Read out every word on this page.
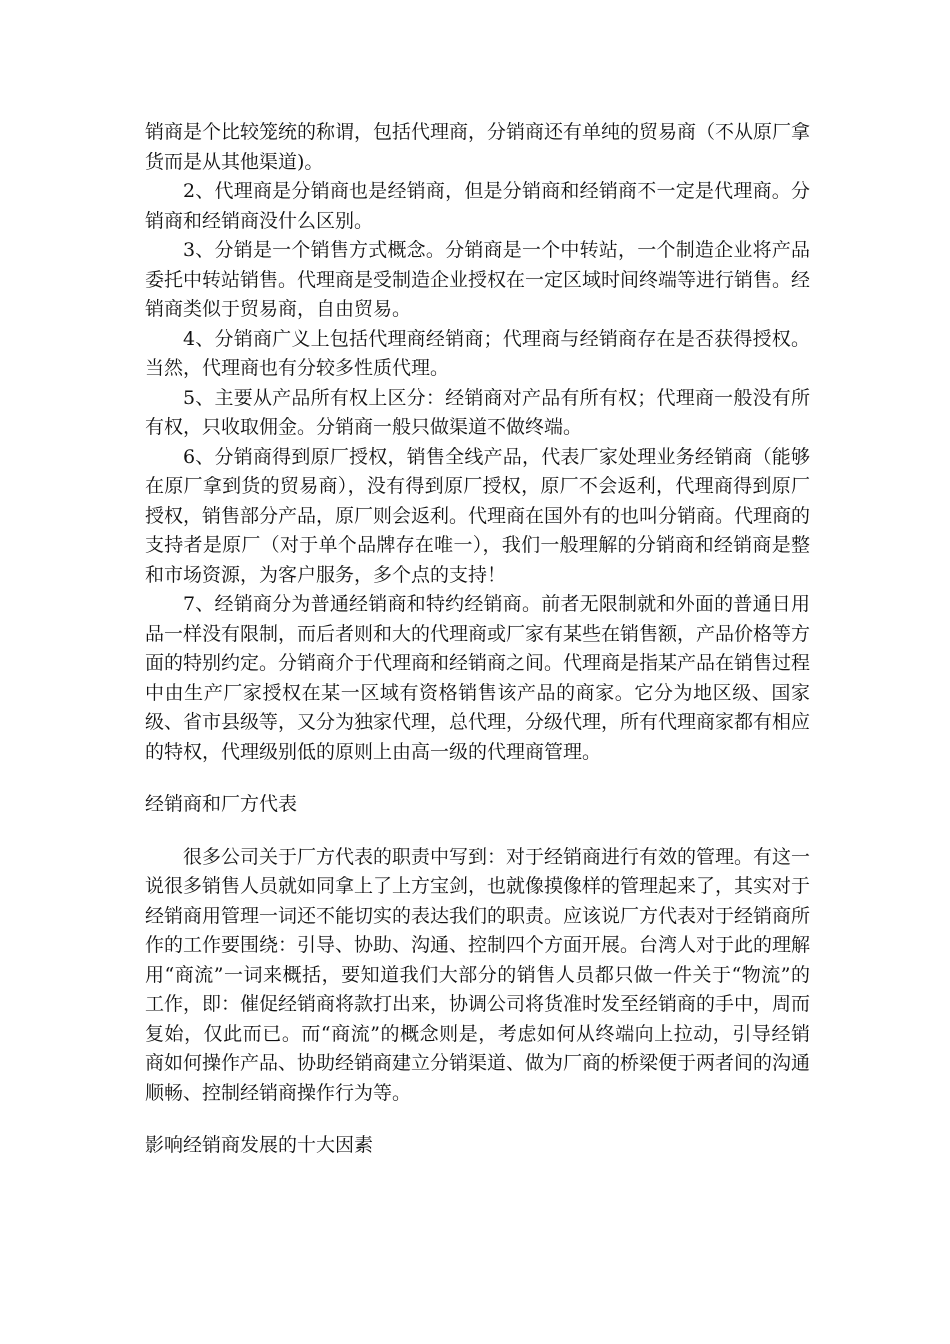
销商是个比较笼统的称谓，包括代理商，分销商还有单纯的贸易商（不从原厂拿货而是从其他渠道)。

2、代理商是分销商也是经销商，但是分销商和经销商不一定是代理商。分销商和经销商没什么区别。

3、分销是一个销售方式概念。分销商是一个中转站，一个制造企业将产品委托中转站销售。代理商是受制造企业授权在一定区域时间终端等进行销售。经销商类似于贸易商，自由贸易。

4、分销商广义上包括代理商经销商；代理商与经销商存在是否获得授权。当然，代理商也有分较多性质代理。

5、主要从产品所有权上区分：经销商对产品有所有权；代理商一般没有所有权，只收取佣金。分销商一般只做渠道不做终端。

6、分销商得到原厂授权，销售全线产品，代表厂家处理业务经销商（能够在原厂拿到货的贸易商），没有得到原厂授权，原厂不会返利，代理商得到原厂授权，销售部分产品，原厂则会返利。代理商在国外有的也叫分销商。代理商的支持者是原厂（对于单个品牌存在唯一），我们一般理解的分销商和经销商是整和市场资源，为客户服务，多个点的支持！

7、经销商分为普通经销商和特约经销商。前者无限制就和外面的普通日用品一样没有限制，而后者则和大的代理商或厂家有某些在销售额，产品价格等方面的特别约定。分销商介于代理商和经销商之间。代理商是指某产品在销售过程中由生产厂家授权在某一区域有资格销售该产品的商家。它分为地区级、国家级、省市县级等，又分为独家代理，总代理，分级代理，所有代理商家都有相应的特权，代理级别低的原则上由高一级的代理商管理。

经销商和厂方代表

很多公司关于厂方代表的职责中写到：对于经销商进行有效的管理。有这一说很多销售人员就如同拿上了上方宝剑，也就像摸像样的管理起来了，其实对于经销商用管理一词还不能切实的表达我们的职责。应该说厂方代表对于经销商所作的工作要围绕：引导、协助、沟通、控制四个方面开展。台湾人对于此的理解用“商流”一词来概括，要知道我们大部分的销售人员都只做一件关于“物流”的工作，即：催促经销商将款打出来，协调公司将货准时发至经销商的手中，周而复始，仅此而已。而“商流”的概念则是，考虑如何从终端向上拉动，引导经销商如何操作产品、协助经销商建立分销渠道、做为厂商的桥梁便于两者间的沟通顺畅、控制经销商操作行为等。

影响经销商发展的十大因素
